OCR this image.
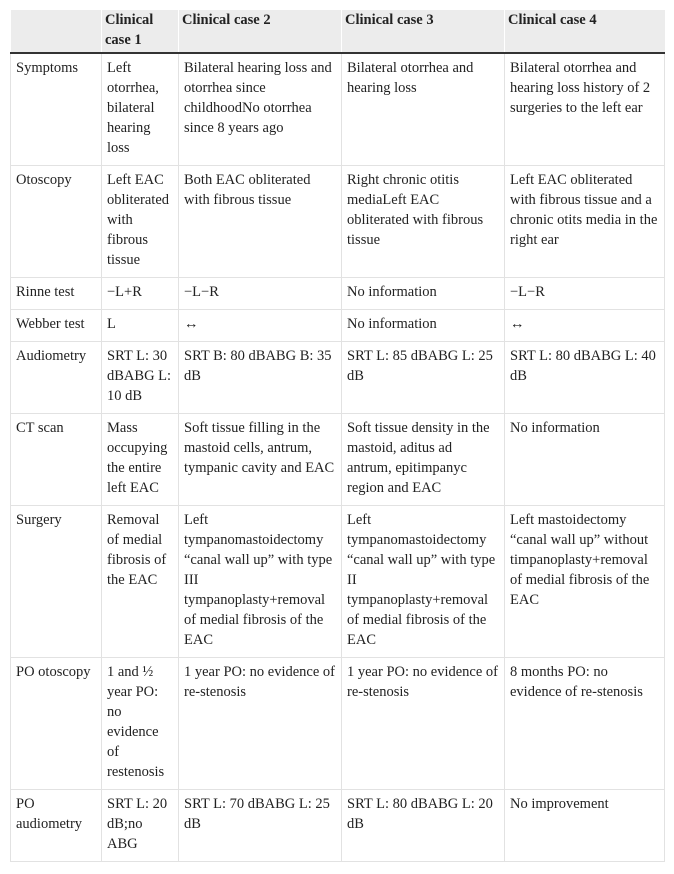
	Clinical case 1	Clinical case 2	Clinical case 3	Clinical case 4
Symptoms	Left otorrhea, bilateral hearing loss	Bilateral hearing loss and otorrhea since childhoodNo otorrhea since 8 years ago	Bilateral otorrhea and hearing loss	Bilateral otorrhea and hearing loss history of 2 surgeries to the left ear
Otoscopy	Left EAC obliterated with fibrous tissue	Both EAC obliterated with fibrous tissue	Right chronic otitis mediaLeft EAC obliterated with fibrous tissue	Left EAC obliterated with fibrous tissue and a chronic otits media in the right ear
Rinne test	−L+R	−L−R	No information	−L−R
Webber test	L	↔	No information	↔
Audiometry	SRT L: 30 dBABG L: 10 dB	SRT B: 80 dBABG B: 35 dB	SRT L: 85 dBABG L: 25 dB	SRT L: 80 dBABG L: 40 dB
CT scan	Mass occupying the entire left EAC	Soft tissue filling in the mastoid cells, antrum, tympanic cavity and EAC	Soft tissue density in the mastoid, aditus ad antrum, epitimpanyc region and EAC	No information
Surgery	Removal of medial fibrosis of the EAC	Left tympanomastoidectomy “canal wall up” with type III tympanoplasty+removal of medial fibrosis of the EAC	Left tympanomastoidectomy “canal wall up” with type II tympanoplasty+removal of medial fibrosis of the EAC	Left mastoidectomy “canal wall up” without timpanoplasty+removal of medial fibrosis of the EAC
PO otoscopy	1 and ½ year PO: no evidence of restenosis	1 year PO: no evidence of re-stenosis	1 year PO: no evidence of re-stenosis	8 months PO: no evidence of re-stenosis
PO audiometry	SRT L: 20 dB;no ABG	SRT L: 70 dBABG L: 25 dB	SRT L: 80 dBABG L: 20 dB	No improvement
